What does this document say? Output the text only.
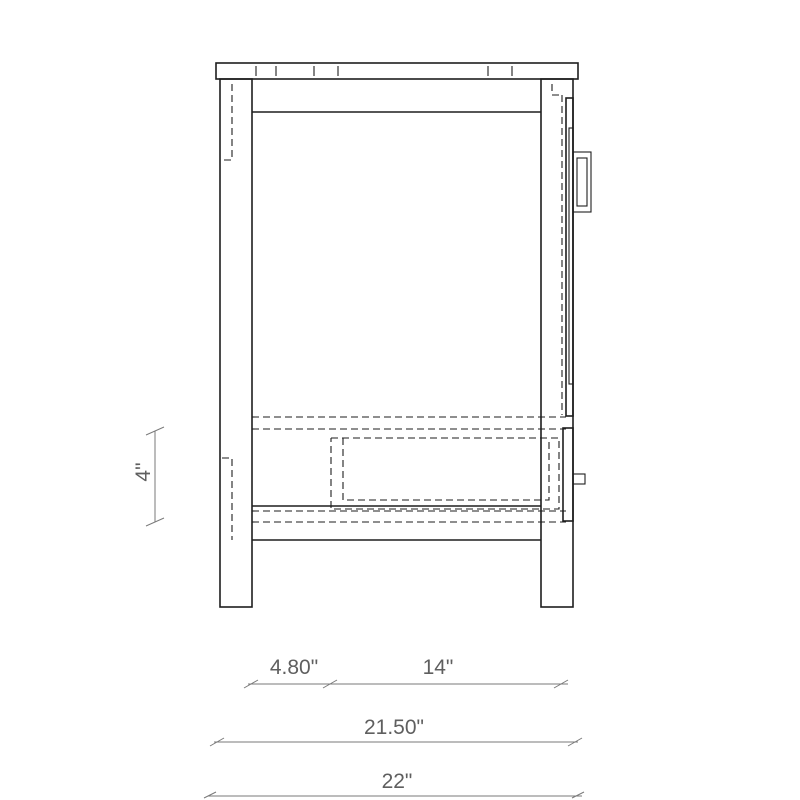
4"
4.80"	14"
21.50"
22"
